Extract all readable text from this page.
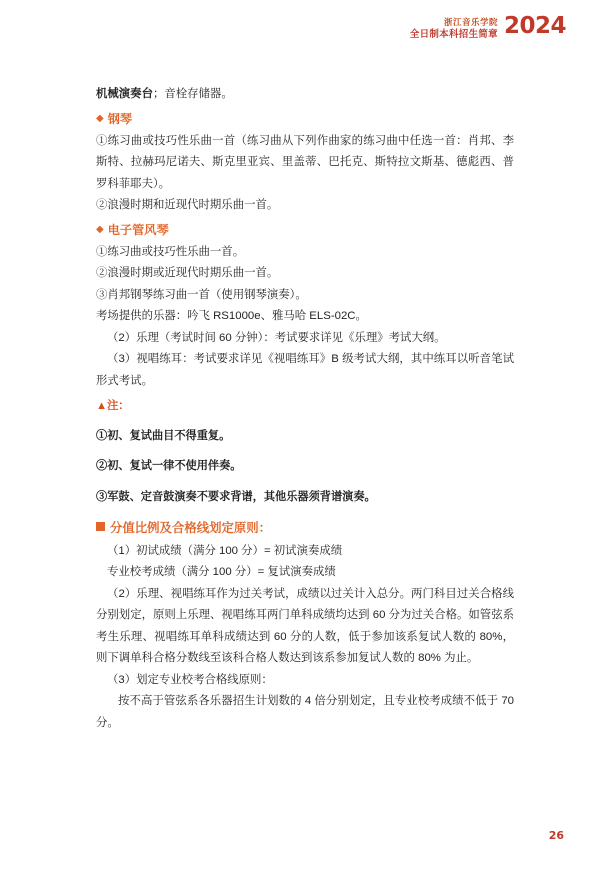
浙江音乐学院
全日制本科招生简章 2024

机械演奏台；音栓存储器。

◆ 钢琴

①练习曲或技巧性乐曲一首（练习曲从下列作曲家的练习曲中任选一首：肖邦、李斯特、拉赫玛尼诺夫、斯克里亚宾、里盖蒂、巴托克、斯特拉文斯基、德彪西、普罗科菲耶夫）。

②浪漫时期和近现代时期乐曲一首。

◆ 电子管风琴

①练习曲或技巧性乐曲一首。

②浪漫时期或近现代时期乐曲一首。

③肖邦钢琴练习曲一首（使用钢琴演奏）。

考场提供的乐器：吟飞 RS1000e、雅马哈 ELS-02C。

（2）乐理（考试时间 60 分钟）：考试要求详见《乐理》考试大纲。

（3）视唱练耳：考试要求详见《视唱练耳》B 级考试大纲，其中练耳以听音笔试形式考试。

▲注：

①初、复试曲目不得重复。

②初、复试一律不使用伴奏。

③军鼓、定音鼓演奏不要求背谱，其他乐器须背谱演奏。

分值比例及合格线划定原则：

（1）初试成绩（满分 100 分）= 初试演奏成绩

专业校考成绩（满分 100 分）= 复试演奏成绩

（2）乐理、视唱练耳作为过关考试，成绩以过关计入总分。两门科目过关合格线分别划定，原则上乐理、视唱练耳两门单科成绩均达到 60 分为过关合格。如管弦系考生乐理、视唱练耳单科成绩达到 60 分的人数，低于参加该系复试人数的 80%，则下调单科合格分数线至该科合格人数达到该系参加复试人数的 80% 为止。

（3）划定专业校考合格线原则：

按不高于管弦系各乐器招生计划数的 4 倍分别划定，且专业校考成绩不低于 70 分。

26
